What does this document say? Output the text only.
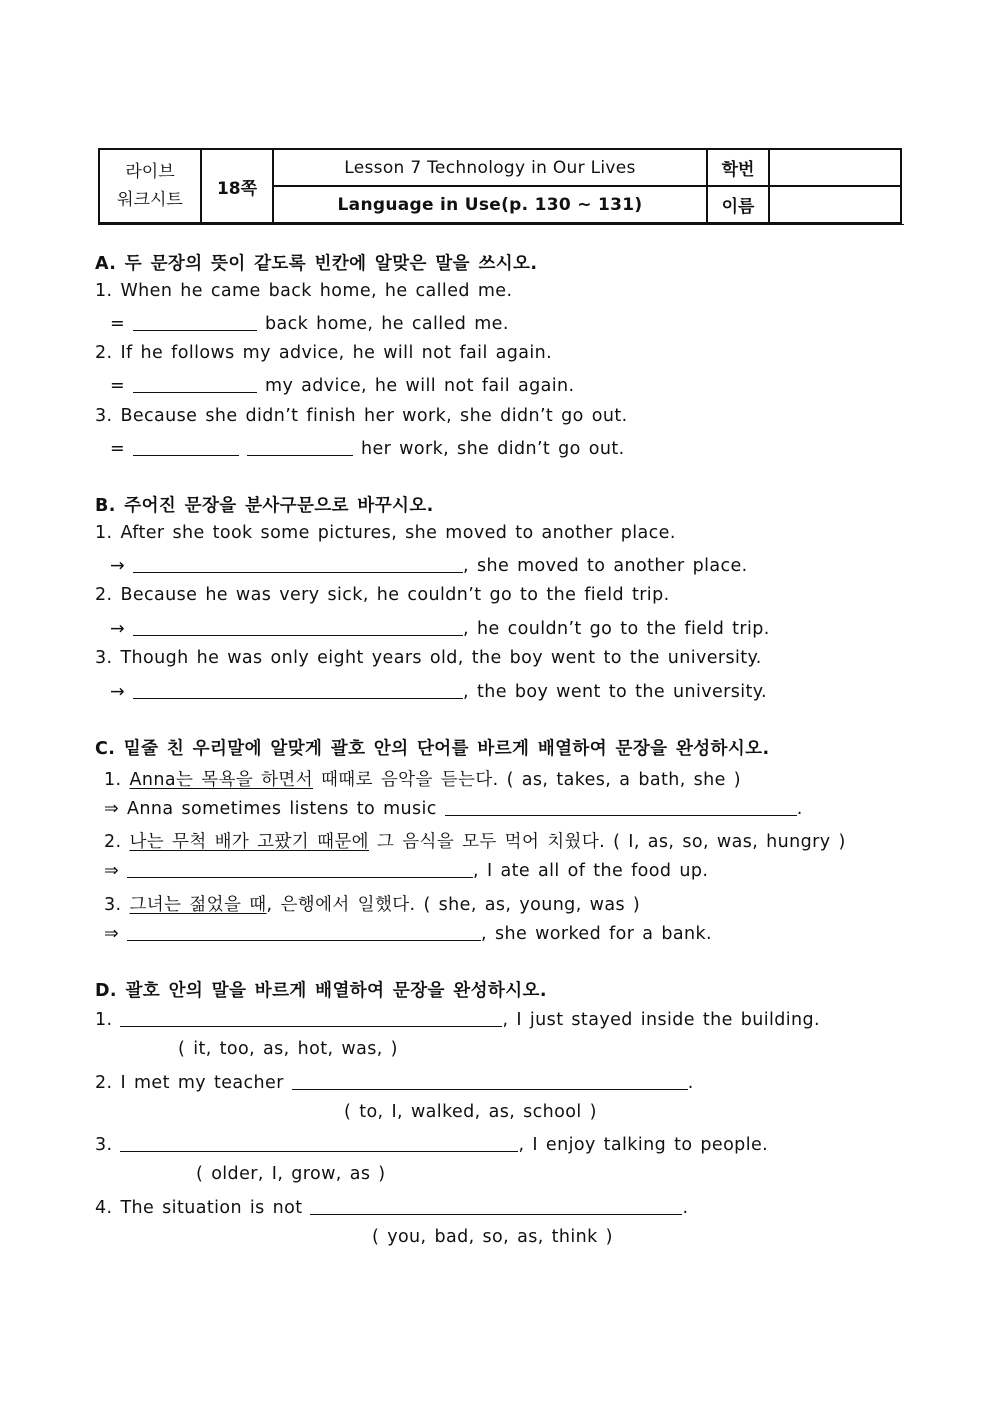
라이브
워크시트	18쪽	Lesson 7 Technology in Our Lives	학번	
		Language in Use(p. 130 ~ 131)	이름	
A. 두 문장의 뜻이 같도록 빈칸에 알맞은 말을 쓰시오.
1. When he came back home, he called me.
=	back home, he called me.
2. If he follows my advice, he will not fail again.
=	my advice, he will not fail again.
3. Because she didn’t finish her work, she didn’t go out.
=	her work, she didn’t go out.
B. 주어진 문장을 분사구문으로 바꾸시오.
1. After she took some pictures, she moved to another place.
→	, she moved to another place.
2. Because he was very sick, he couldn’t go to the field trip.
→	, he couldn’t go to the field trip.
3. Though he was only eight years old, the boy went to the university.
→	, the boy went to the university.
C. 밑줄 친 우리말에 알맞게 괄호 안의 단어를 바르게 배열하여 문장을 완성하시오.
1. Anna는 목욕을 하면서 때때로 음악을 듣는다. ( as, takes, a bath, she )
⇒ Anna sometimes listens to music	.
2. 나는 무척 배가 고팠기 때문에 그 음식을 모두 먹어 치웠다. ( I, as, so, was, hungry )
⇒	, I ate all of the food up.
3. 그녀는 젊었을 때, 은행에서 일했다. ( she, as, young, was )
⇒	, she worked for a bank.
D. 괄호 안의 말을 바르게 배열하여 문장을 완성하시오.
1.	, I just stayed inside the building.
( it, too, as, hot, was, )
2. I met my teacher	.
( to, I, walked, as, school )
3.	, I enjoy talking to people.
( older, I, grow, as )
4. The situation is not	.
( you, bad, so, as, think )
